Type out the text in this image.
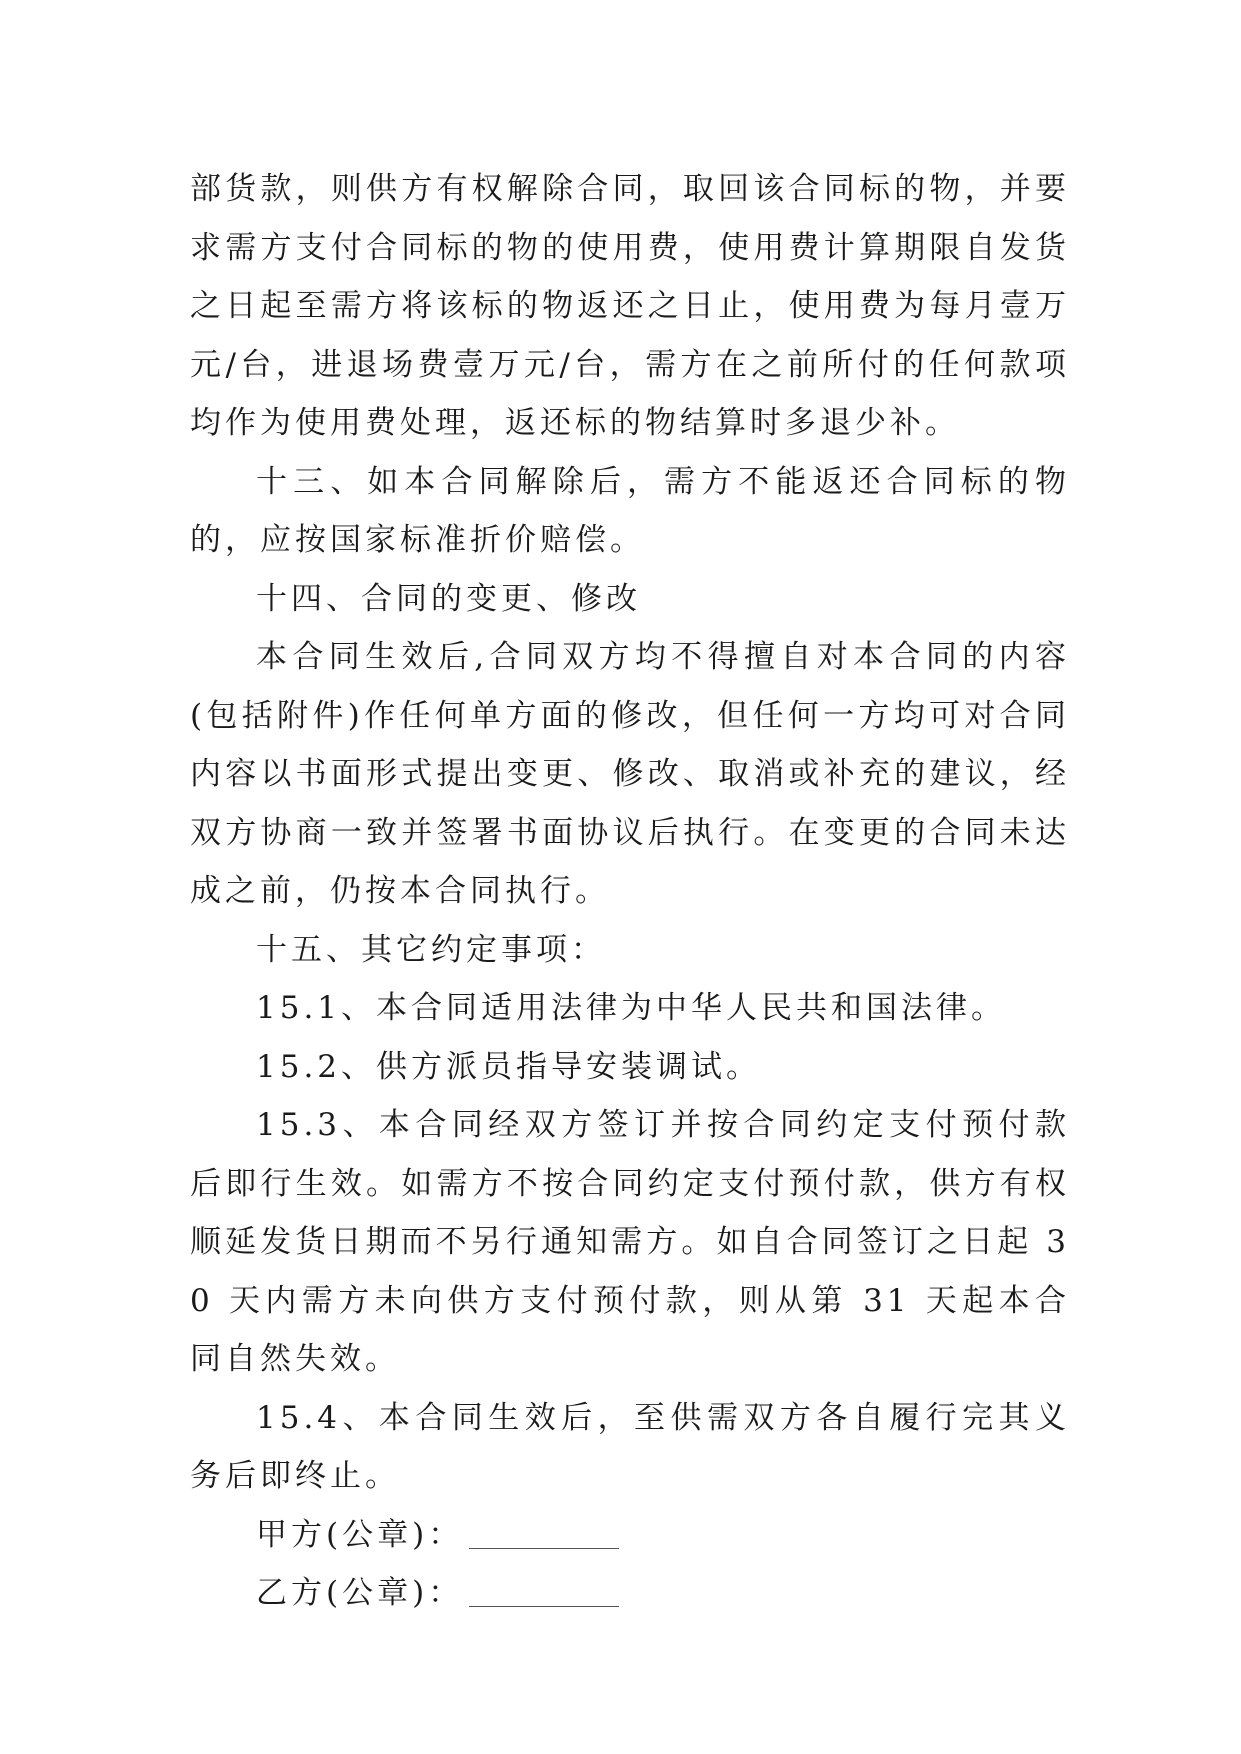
部货款，则供方有权解除合同，取回该合同标的物，并要求需方支付合同标的物的使用费，使用费计算期限自发货之日起至需方将该标的物返还之日止，使用费为每月壹万元/台，进退场费壹万元/台，需方在之前所付的任何款项均作为使用费处理，返还标的物结算时多退少补。

十三、如本合同解除后，需方不能返还合同标的物的，应按国家标准折价赔偿。

十四、合同的变更、修改

本合同生效后,合同双方均不得擅自对本合同的内容(包括附件)作任何单方面的修改，但任何一方均可对合同内容以书面形式提出变更、修改、取消或补充的建议，经双方协商一致并签署书面协议后执行。在变更的合同未达成之前，仍按本合同执行。

十五、其它约定事项：

15.1、本合同适用法律为中华人民共和国法律。

15.2、供方派员指导安装调试。

15.3、本合同经双方签订并按合同约定支付预付款后即行生效。如需方不按合同约定支付预付款，供方有权顺延发货日期而不另行通知需方。如自合同签订之日起 30 天内需方未向供方支付预付款，则从第 31 天起本合同自然失效。

15.4、本合同生效后，至供需双方各自履行完其义务后即终止。

甲方(公章)：

乙方(公章)：
